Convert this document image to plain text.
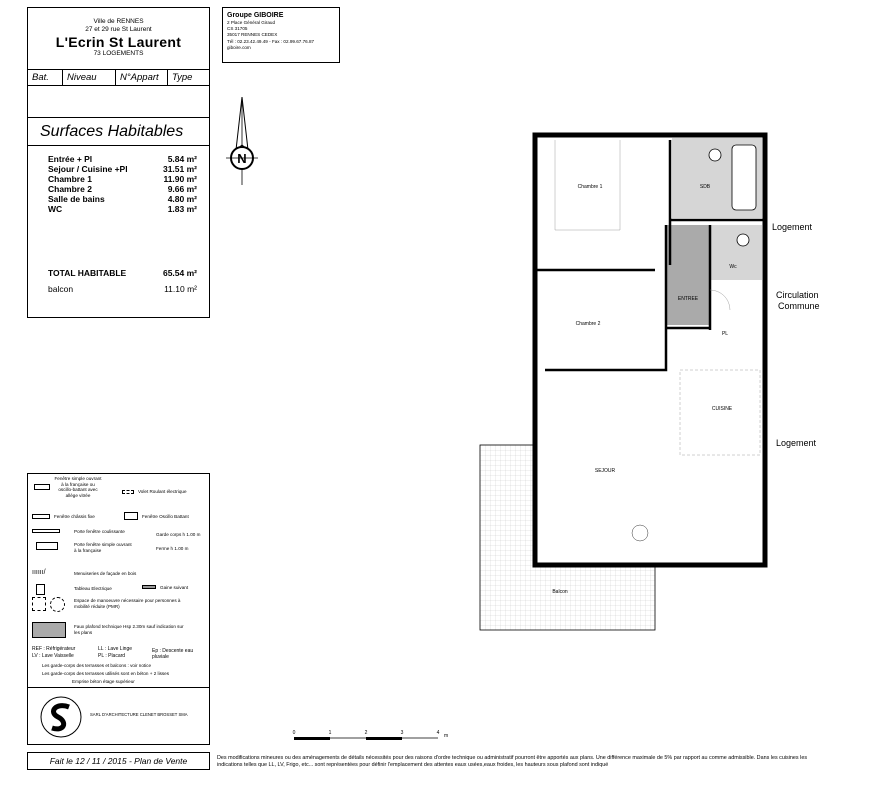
Ville de RENNES
27 et 29 rue St Laurent
L'Ecrin St Laurent
73 LOGEMENTS
Bat.	Niveau	N°Appart	Type
Surfaces Habitables
Entrée + Pl	5.84 m²
Sejour / Cuisine +Pl	31.51 m²
Chambre 1	11.90 m²
Chambre 2	9.66 m²
Salle de bains	4.80 m²
WC	1.83 m²
TOTAL HABITABLE	65.54 m²
balcon	11.10 m²
Groupe GIBOIRE
2 Place Général Giraud
CS 31705
35017 RENNES CEDEX
Tél : 02.23.42.49.49 - Fax : 02.99.67.76.87
giboire.com
N
Fenêtre simple ouvrant à la française ou oscillo-battant avec allège vitrée
Volet Roulant électrique
Fenêtre châssis fixe	Fenêtre Oscillo Battant
Porte fenêtre coulissante
Garde corps h 1.00 m
Porte fenêtre simple ouvrant à la française	Ferme h 1.00 m
ıııııı/	Menuiseries de façade en bois
Tableau Electrique	Gaine suivant
Espace de manoeuvre nécessaire pour personnes à mobilité réduite (PMR)
Faux plafond technique Hsp 2.30m sauf indication sur les plans
REF : Réfrigérateur
LV : Lave Vaisselle
LL : Lave Linge
PL : Placard
Ep : Descente eau pluviale
Les garde-corps des terrasses et balcons : voir notice
Les garde-corps des terrasses utilisés sont en béton + 2 lisses
Emprise béton étage supérieur
SARL D'ARCHITECTURE CLENET BROSSET SMA
Fait le 12 / 11 / 2015 - Plan de Vente	Des modifications mineures ou des aménagements de détails nécessités pour des raisons d'ordre technique ou administratif pourront être apportés aux plans. Une différence maximale de 5% par rapport au comme admissible. Dans les cuisines les indications telles que LL, LV, Frigo, etc... sont représentées pour définir l'emplacement des attentes eaux usées,eaux froides, les hauteurs sous plafond sont indiqué
0	1	2	3	4 m
Chambre 1
Chambre 2
SDB
Wc
ENTREE
PL
CUISINE
SEJOUR
Balcon
Logement
Circulation
Commune
Logement
